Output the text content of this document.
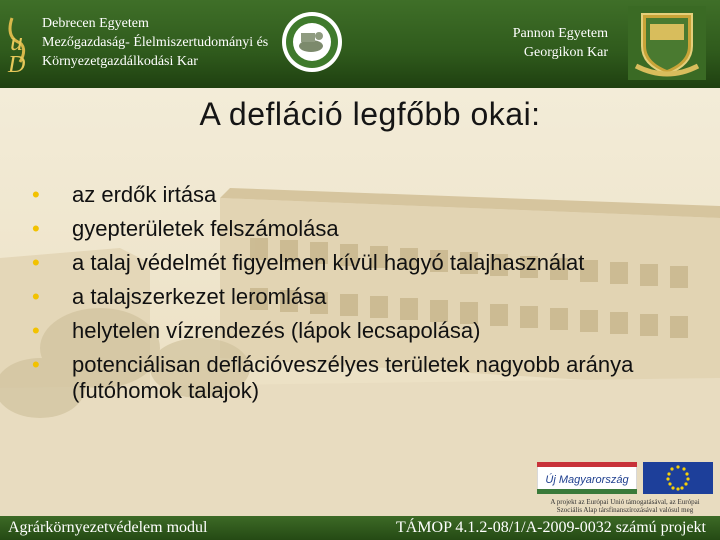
u
D
Debrecen Egyetem
Mezőgazdaság- Élelmiszertudományi és
Környezetgazdálkodási Kar
Pannon Egyetem
Georgikon Kar
A defláció legfőbb okai:
• az erdők irtása
• gyepterületek felszámolása
• a talaj védelmét figyelmen kívül hagyó talajhasználat
• a talajszerkezet leromlása
• helytelen vízrendezés (lápok lecsapolása)
• potenciálisan deflációveszélyes területek nagyobb aránya (futóhomok talajok)
Új Magyarország
A projekt az Európai Unió támogatásával, az Európai Szociális Alap társfinanszírozásával valósul meg
Agrárkörnyezetvédelem modul	TÁMOP 4.1.2-08/1/A-2009-0032 számú projekt
